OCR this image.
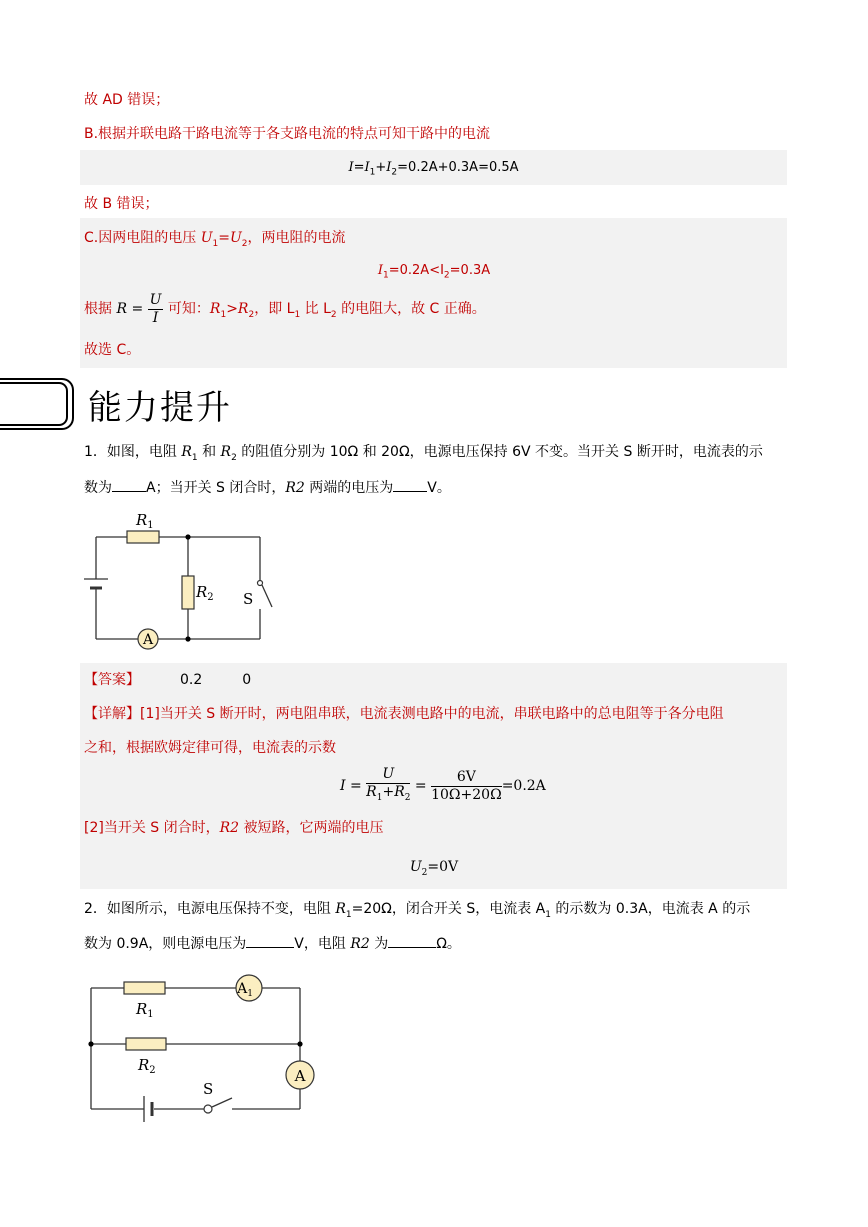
故 AD 错误；
B.根据并联电路干路电流等于各支路电流的特点可知干路中的电流
$I=I_1+I_2=0.2A+0.3A=0.5A$
故 B 错误；
C.因两电阻的电压 $U_1=U_2$，两电阻的电流
$I_1=0.2A<I_2=0.3A$
根据 $R = \frac{U}{I}$ 可知：$R_1>R_2$，即 $L_1$ 比 $L_2$ 的电阻大，故 C 正确。
故选 C。
能力提升
1．如图，电阻 $R_1$ 和 $R_2$ 的阻值分别为 10Ω 和 20Ω，电源电压保持 6V 不变。当开关 S 断开时，电流表的示
数为 A；当开关 S 闭合时，R2 两端的电压为 V。
A
$R_1$
$R_2$ S
【答案】	0.2	0
【详解】[1]当开关 S 断开时，两电阻串联，电流表测电路中的电流，串联电路中的总电阻等于各分电阻
之和，根据欧姆定律可得，电流表的示数
$I = \frac{U}{R_1+R_2} = \frac{6V}{10\Omega+20\Omega} =0.2A$
[2]当开关 S 闭合时，R2 被短路，它两端的电压
$U_2=0V$
2．如图所示，电源电压保持不变，电阻 $R_1=20\Omega$，闭合开关 S，电流表 $A_1$ 的示数为 0.3A，电流表 A 的示
数为 0.9A，则电源电压为	V，电阻 R2 为	Ω。
$A_1$
A
$R_1$
$R_2$
S
